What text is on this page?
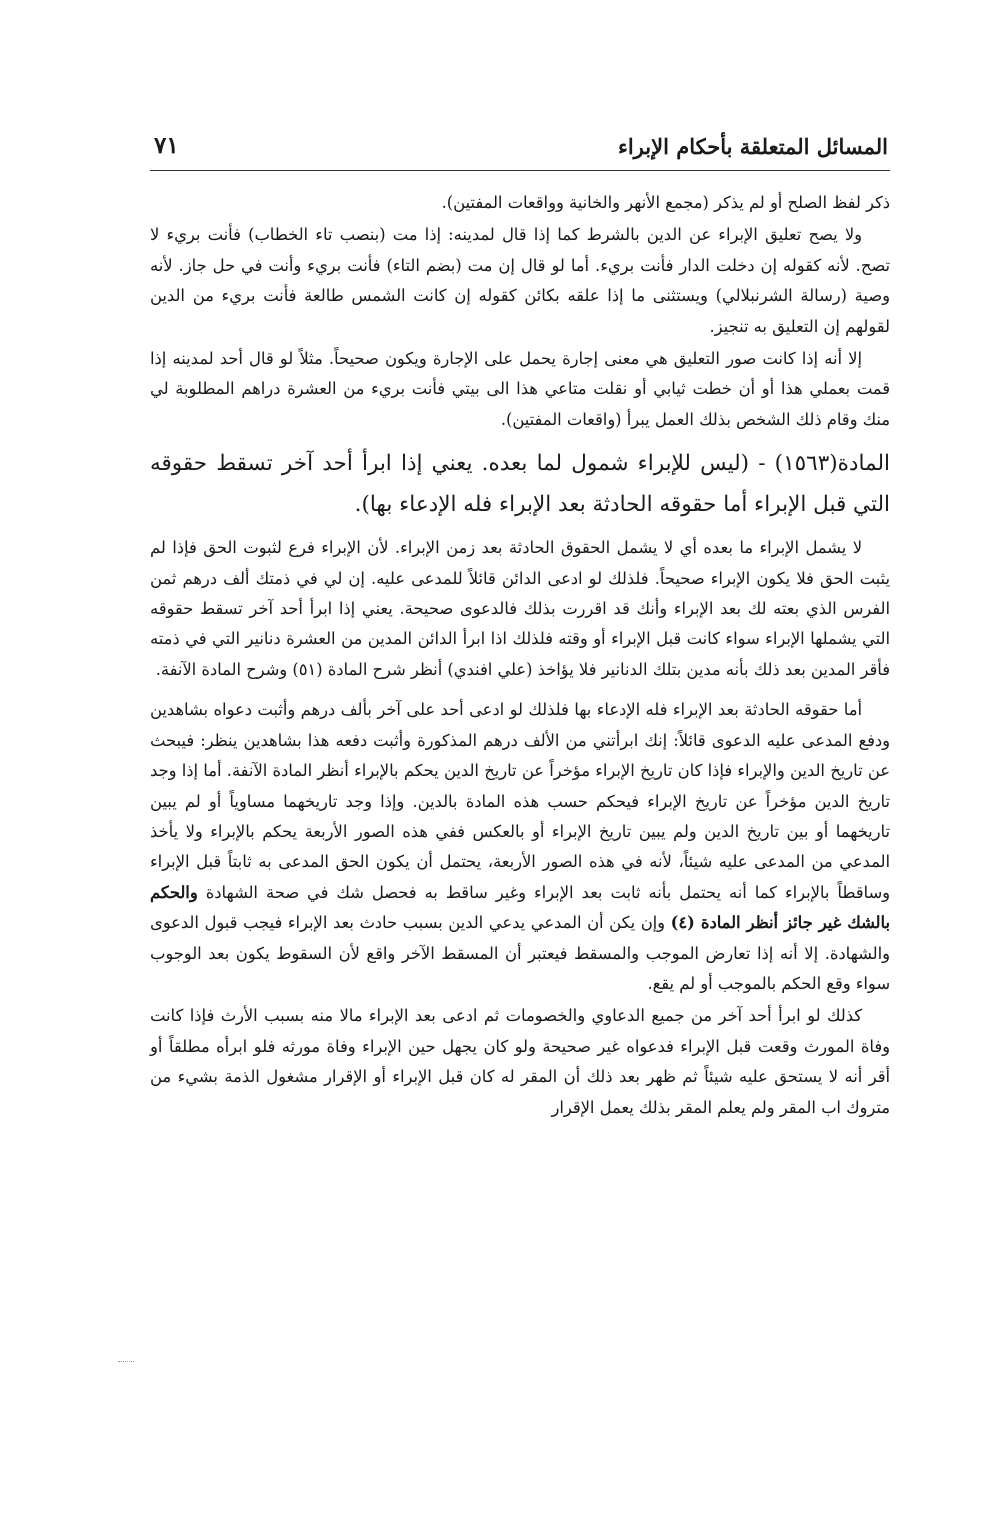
المسائل المتعلقة بأحكام الإبراء
٧١

ذكر لفظ الصلح أو لم يذكر (مجمع الأنهر والخانية وواقعات المفتين).

ولا يصح تعليق الإبراء عن الدين بالشرط كما إذا قال لمدينه: إذا مت (بنصب تاء الخطاب) فأنت بريء لا تصح. لأنه كقوله إن دخلت الدار فأنت بريء. أما لو قال إن مت (بضم التاء) فأنت بريء وأنت في حل جاز. لأنه وصية (رسالة الشرنبلالي) ويستثنى ما إذا علقه بكائن كقوله إن كانت الشمس طالعة فأنت بريء من الدين لقولهم إن التعليق به تنجيز.

إلا أنه إذا كانت صور التعليق هي معنى إجارة يحمل على الإجارة ويكون صحيحاً. مثلاً لو قال أحد لمدينه إذا قمت بعملي هذا أو أن خطت ثيابي أو نقلت متاعي هذا الى بيتي فأنت بريء من العشرة دراهم المطلوبة لي منك وقام ذلك الشخص بذلك العمل يبرأ (واقعات المفتين).

المادة(١٥٦٣) - (ليس للإبراء شمول لما بعده. يعني إذا ابرأ أحد آخر تسقط حقوقه التي قبل الإبراء أما حقوقه الحادثة بعد الإبراء فله الإدعاء بها).

لا يشمل الإبراء ما بعده أي لا يشمل الحقوق الحادثة بعد زمن الإبراء. لأن الإبراء فرع لثبوت الحق فإذا لم يثبت الحق فلا يكون الإبراء صحيحاً. فلذلك لو ادعى الدائن قائلاً للمدعى عليه. إن لي في ذمتك ألف درهم ثمن الفرس الذي بعته لك بعد الإبراء وأنك قد اقررت بذلك فالدعوى صحيحة. يعني إذا ابرأ أحد آخر تسقط حقوقه التي يشملها الإبراء سواء كانت قبل الإبراء أو وقته فلذلك اذا ابرأ الدائن المدين من العشرة دنانير التي في ذمته فأقر المدين بعد ذلك بأنه مدين بتلك الدنانير فلا يؤاخذ (علي افندي) أنظر شرح المادة (٥١) وشرح المادة الآنفة.

أما حقوقه الحادثة بعد الإبراء فله الإدعاء بها فلذلك لو ادعى أحد على آخر بألف درهم وأثبت دعواه بشاهدين ودفع المدعى عليه الدعوى قائلاً: إنك ابرأتني من الألف درهم المذكورة وأثبت دفعه هذا بشاهدين ينظر: فيبحث عن تاريخ الدين والإبراء فإذا كان تاريخ الإبراء مؤخراً عن تاريخ الدين يحكم بالإبراء أنظر المادة الآنفة. أما إذا وجد تاريخ الدين مؤخراً عن تاريخ الإبراء فيحكم حسب هذه المادة بالدين. وإذا وجد تاريخهما مساوياً أو لم يبين تاريخهما أو بين تاريخ الدين ولم يبين تاريخ الإبراء أو بالعكس ففي هذه الصور الأربعة يحكم بالإبراء ولا يأخذ المدعي من المدعى عليه شيئاً، لأنه في هذه الصور الأربعة، يحتمل أن يكون الحق المدعى به ثابتاً قبل الإبراء وساقطاً بالإبراء كما أنه يحتمل بأنه ثابت بعد الإبراء وغير ساقط به فحصل شك في صحة الشهادة والحكم بالشك غير جائز أنظر المادة (٤) وإن يكن أن المدعي يدعي الدين بسبب حادث بعد الإبراء فيجب قبول الدعوى والشهادة. إلا أنه إذا تعارض الموجب والمسقط فيعتبر أن المسقط الآخر واقع لأن السقوط يكون بعد الوجوب سواء وقع الحكم بالموجب أو لم يقع.

كذلك لو ابرأ أحد آخر من جميع الدعاوي والخصومات ثم ادعى بعد الإبراء مالا منه بسبب الأرث فإذا كانت وفاة المورث وقعت قبل الإبراء فدعواه غير صحيحة ولو كان يجهل حين الإبراء وفاة مورثه فلو ابرأه مطلقاً أو أقر أنه لا يستحق عليه شيئاً ثم ظهر بعد ذلك أن المقر له كان قبل الإبراء أو الإقرار مشغول الذمة بشيء من متروك اب المقر ولم يعلم المقر بذلك يعمل الإقرار
